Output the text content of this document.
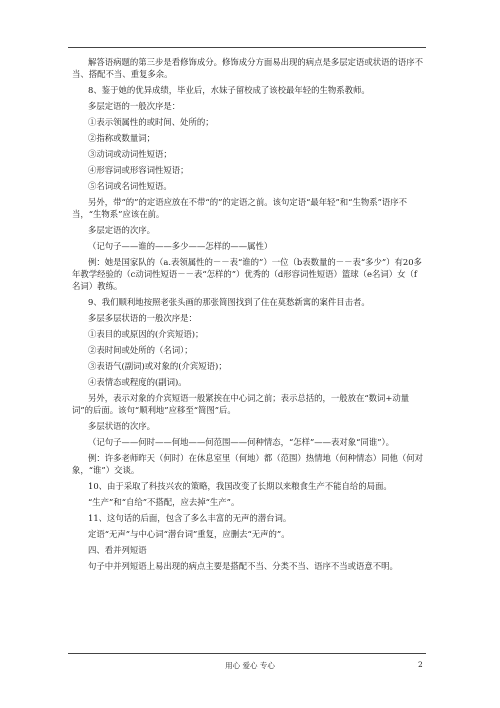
解答语病题的第三步是看修饰成分。修饰成分方面易出现的病点是多层定语或状语的语序不当、搭配不当、重复多余。

8、鉴于她的优异成绩，毕业后，水妹子留校成了该校最年轻的生物系教师。

多层定语的一般次序是：

①表示领属性的或时间、处所的；

②指称或数量词；

③动词或动词性短语；

④形容词或形容词性短语；

⑤名词或名词性短语。

另外，带“的”的定语应放在不带“的”的定语之前。该句定语“最年轻”和“生物系”语序不当，“生物系”应该在前。

多层定语的次序。

（记句子——谁的——多少——怎样的——属性）

例：她是国家队的（a.表领属性的－－表“谁的”）一位（b表数量的－－表“多少”）有20多年教学经验的（c动词性短语－－表“怎样的”）优秀的（d形容词性短语）篮球（e名词）女（f名词）教练。

9、我们顺利地按照老张头画的那张简图找到了住在莫愁新寓的案件目击者。

多层多层状语的一般次序是：

①表目的或原因的(介宾短语)；

②表时间或处所的（名词）；

③表语气(副词)或对象的(介宾短语)；

④表情态或程度的(副词)。

另外，表示对象的介宾短语一般紧挨在中心词之前；表示总括的，一般放在“数词+动量词”的后面。该句“顺利地”应移至“简图”后。

多层状语的次序。

（记句子——何时——何地——何范围——何种情态，“怎样”——表对象“同谁”）。

例：许多老师昨天（何时）在休息室里（何地）都（范围）热情地（何种情态）同他（何对象，“谁”）交谈。

10、由于采取了科技兴农的策略，我国改变了长期以来粮食生产不能自给的局面。

“生产”和“自给”不搭配，应去掉“生产”。

11、这句话的后面，包含了多么丰富的无声的潜台词。

定语“无声”与中心词“潜台词”重复，应删去“无声的”。

四、看并列短语

句子中并列短语上易出现的病点主要是搭配不当、分类不当、语序不当或语意不明。

用心 爱心 专心	2
